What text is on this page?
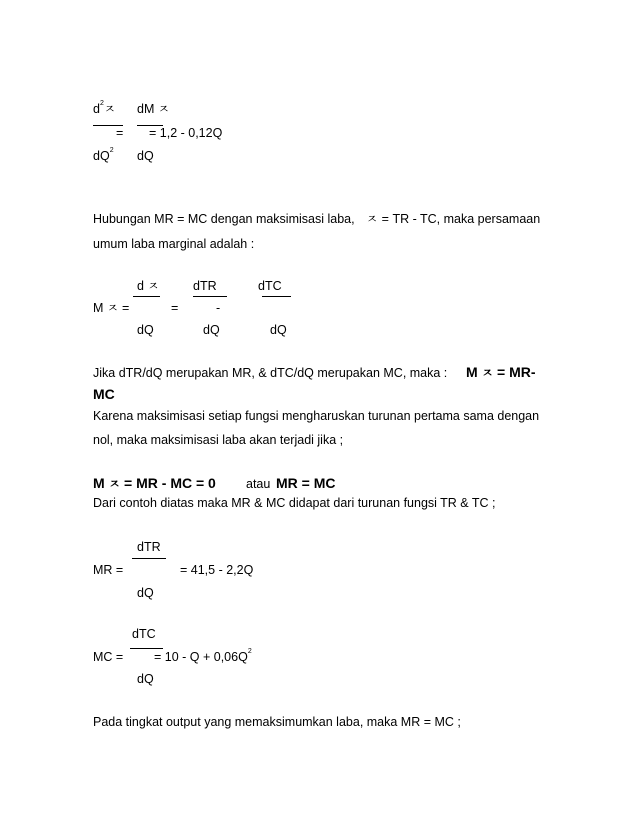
$d^2$ㅈ dM ㅈ
= = 1,2 - 0,12Q
$dQ^2$ dQ
Hubungan MR = MC dengan maksimisasi laba, ㅈ = TR - TC, maka persamaan
umum laba marginal adalah :
d ㅈ	dTR	dTC
M ㅈ =	=	-
dQ	dQ	dQ
Jika dTR/dQ merupakan MR, & dTC/dQ merupakan MC, maka : M ㅈ = MR-
MC
Karena maksimisasi setiap fungsi mengharuskan turunan pertama sama dengan
nol, maka maksimisasi laba akan terjadi jika ;
M ㅈ = MR - MC = 0 atau MR = MC
Dari contoh diatas maka MR & MC didapat dari turunan fungsi TR & TC ;
dTR
MR =	= 41,5 - 2,2Q
dQ
dTC
MC = = $10 - Q + 0,06Q^2$
dQ
Pada tingkat output yang memaksimumkan laba, maka MR = MC ;
